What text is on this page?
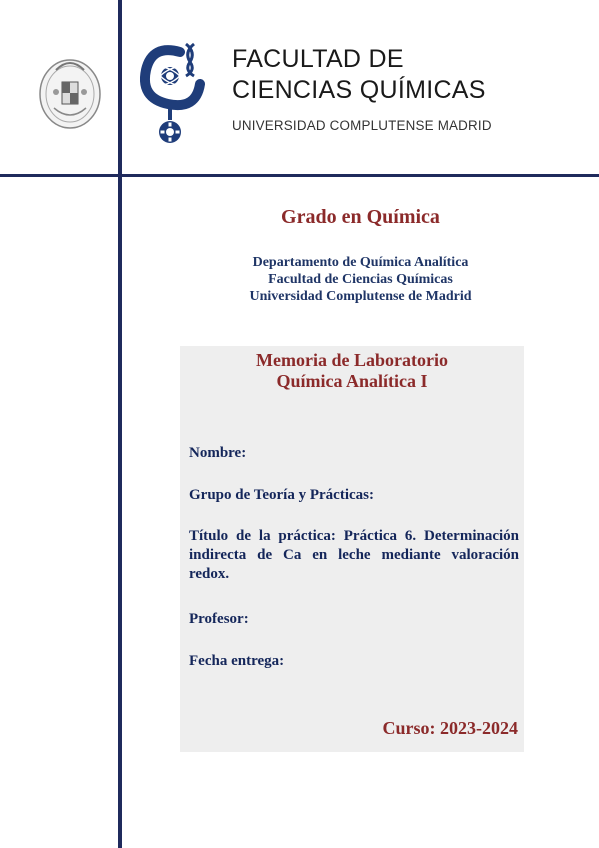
FACULTAD DE
CIENCIAS QUÍMICAS
UNIVERSIDAD COMPLUTENSE MADRID
Grado en Química
Departamento de Química Analítica
Facultad de Ciencias Químicas
Universidad Complutense de Madrid
Memoria de Laboratorio
Química Analítica I
Nombre:
Grupo de Teoría y Prácticas:
Título de la práctica: Práctica 6. Determinación indirecta de Ca en leche mediante valoración redox.
Profesor:
Fecha entrega:
Curso: 2023-2024
